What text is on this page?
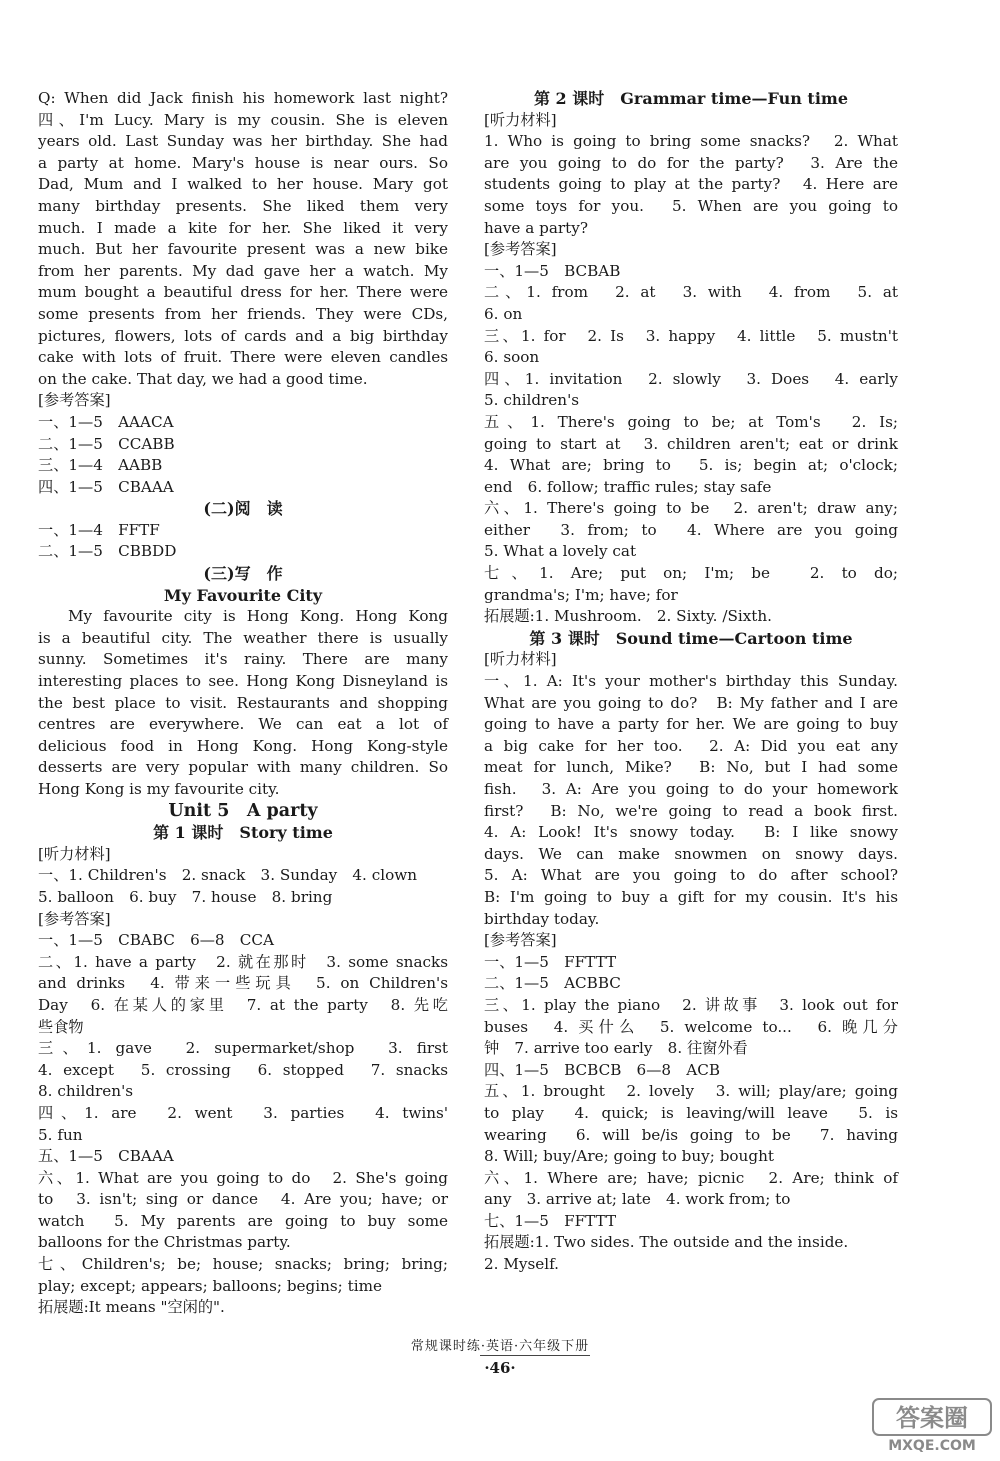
Q: When did Jack finish his homework last night?

四、I'm Lucy. Mary is my cousin. She is eleven

years old. Last Sunday was her birthday. She had

a party at home. Mary's house is near ours. So

Dad, Mum and I walked to her house. Mary got

many birthday presents. She liked them very

much. I made a kite for her. She liked it very

much. But her favourite present was a new bike

from her parents. My dad gave her a watch. My

mum bought a beautiful dress for her. There were

some presents from her friends. They were CDs,

pictures, flowers, lots of cards and a big birthday

cake with lots of fruit. There were eleven candles

on the cake. That day, we had a good time.

[参考答案]

一、1—5　AAACA

二、1—5　CCABB

三、1—4　AABB

四、1—5　CBAAA

(二)阅　读

一、1—4　FFTF

二、1—5　CBBDD

(三)写　作

My Favourite City

My favourite city is Hong Kong. Hong Kong

is a beautiful city. The weather there is usually

sunny. Sometimes it's rainy. There are many

interesting places to see. Hong Kong Disneyland is

the best place to visit. Restaurants and shopping

centres are everywhere. We can eat a lot of

delicious food in Hong Kong. Hong Kong-style

desserts are very popular with many children. So

Hong Kong is my favourite city.

Unit 5　A party

第 1 课时　Story time

[听力材料]

一、1. Children's　2. snack　3. Sunday　4. clown

5. balloon　6. buy　7. house　8. bring

[参考答案]

一、1—5　CBABC　6—8　CCA

二、1. have a party　2. 就在那时　3. some snacks

and drinks　4. 带来一些玩具　5. on Children's

Day　6. 在某人的家里　7. at the party　8. 先吃

些食物

三、1. gave　2. supermarket/shop　3. first

4. except　5. crossing　6. stopped　7. snacks

8. children's

四、1. are　2. went　3. parties　4. twins'

5. fun

五、1—5　CBAAA

六、1. What are you going to do　2. She's going

to　3. isn't; sing or dance　4. Are you; have; or

watch　5. My parents are going to buy some

balloons for the Christmas party.

七、Children's; be; house; snacks; bring; bring;

play; except; appears; balloons; begins; time

拓展题:It means "空闲的".

第 2 课时　Grammar time—Fun time

[听力材料]

1. Who is going to bring some snacks?　2. What

are you going to do for the party?　3. Are the

students going to play at the party?　4. Here are

some toys for you.　5. When are you going to

have a party?

[参考答案]

一、1—5　BCBAB

二、1. from　2. at　3. with　4. from　5. at

6. on

三、1. for　2. Is　3. happy　4. little　5. mustn't

6. soon

四、1. invitation　2. slowly　3. Does　4. early

5. children's

五、1. There's going to be; at Tom's　2. Is;

going to start at　3. children aren't; eat or drink

4. What are; bring to　5. is; begin at; o'clock;

end　6. follow; traffic rules; stay safe

六、1. There's going to be　2. aren't; draw any;

either　3. from; to　4. Where are you going

5. What a lovely cat

七、1. Are; put on; I'm; be　2. to do;

grandma's; I'm; have; for

拓展题:1. Mushroom.　2. Sixty. /Sixth.

第 3 课时　Sound time—Cartoon time

[听力材料]

一、1. A: It's your mother's birthday this Sunday.

What are you going to do?　B: My father and I are

going to have a party for her. We are going to buy

a big cake for her too.　2. A: Did you eat any

meat for lunch, Mike?　B: No, but I had some

fish.　3. A: Are you going to do your homework

first?　B: No, we're going to read a book first.

4. A: Look! It's snowy today.　B: I like snowy

days. We can make snowmen on snowy days.

5. A: What are you going to do after school?

B: I'm going to buy a gift for my cousin. It's his

birthday today.

[参考答案]

一、1—5　FFTTT

二、1—5　ACBBC

三、1. play the piano　2. 讲故事　3. look out for

buses　4. 买什么　5. welcome to...　6. 晚几分

钟　7. arrive too early　8. 往窗外看

四、1—5　BCBCB　6—8　ACB

五、1. brought　2. lovely　3. will; play/are; going

to play　4. quick; is leaving/will leave　5. is

wearing　6. will be/is going to be　7. having

8. Will; buy/Are; going to buy; bought

六、1. Where are; have; picnic　2. Are; think of

any　3. arrive at; late　4. work from; to

七、1—5　FFTTT

拓展题:1. Two sides. The outside and the inside.

2. Myself.

常规课时练·英语·六年级下册
·46·
答案圈
MXQE.COM
